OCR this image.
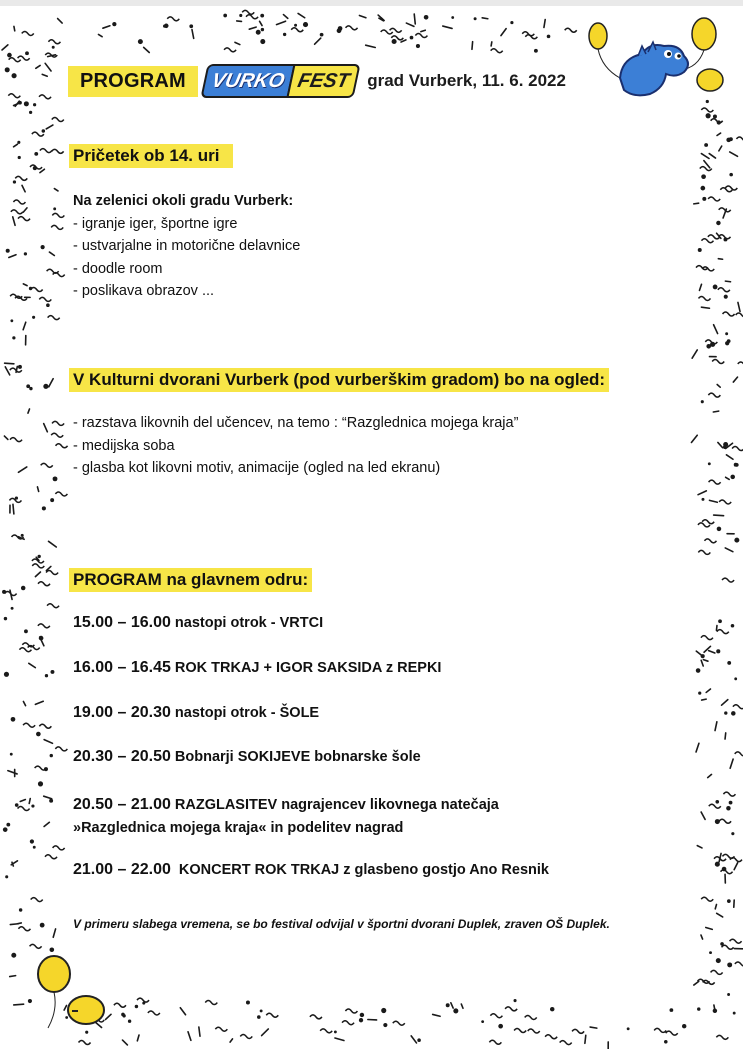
PROGRAM	VURKO FEST grad Vurberk, 11. 6. 2022
Pričetek ob 14. uri
Na zelenici okoli gradu Vurberk:
- igranje iger, športne igre
- ustvarjalne in motorične delavnice
- doodle room
- poslikava obrazov ...
V Kulturni dvorani Vurberk (pod vurberškim gradom) bo na ogled:
- razstava likovnih del učencev, na temo : “Razglednica mojega kraja”
- medijska soba
- glasba kot likovni motiv, animacije (ogled na led ekranu)
PROGRAM na glavnem odru:
15.00 – 16.00 nastopi otrok - VRTCI
16.00 – 16.45 ROK TRKAJ + IGOR SAKSIDA z REPKI
19.00 – 20.30 nastopi otrok - ŠOLE
20.30 – 20.50 Bobnarji SOKIJEVE bobnarske šole
20.50 – 21.00 RAZGLASITEV nagrajencev likovnega natečaja
»Razglednica mojega kraja« in podelitev nagrad
21.00 – 22.00  KONCERT ROK TRKAJ z glasbeno gostjo Ano Resnik
V primeru slabega vremena, se bo festival odvijal v športni dvorani Duplek, zraven OŠ Duplek.
